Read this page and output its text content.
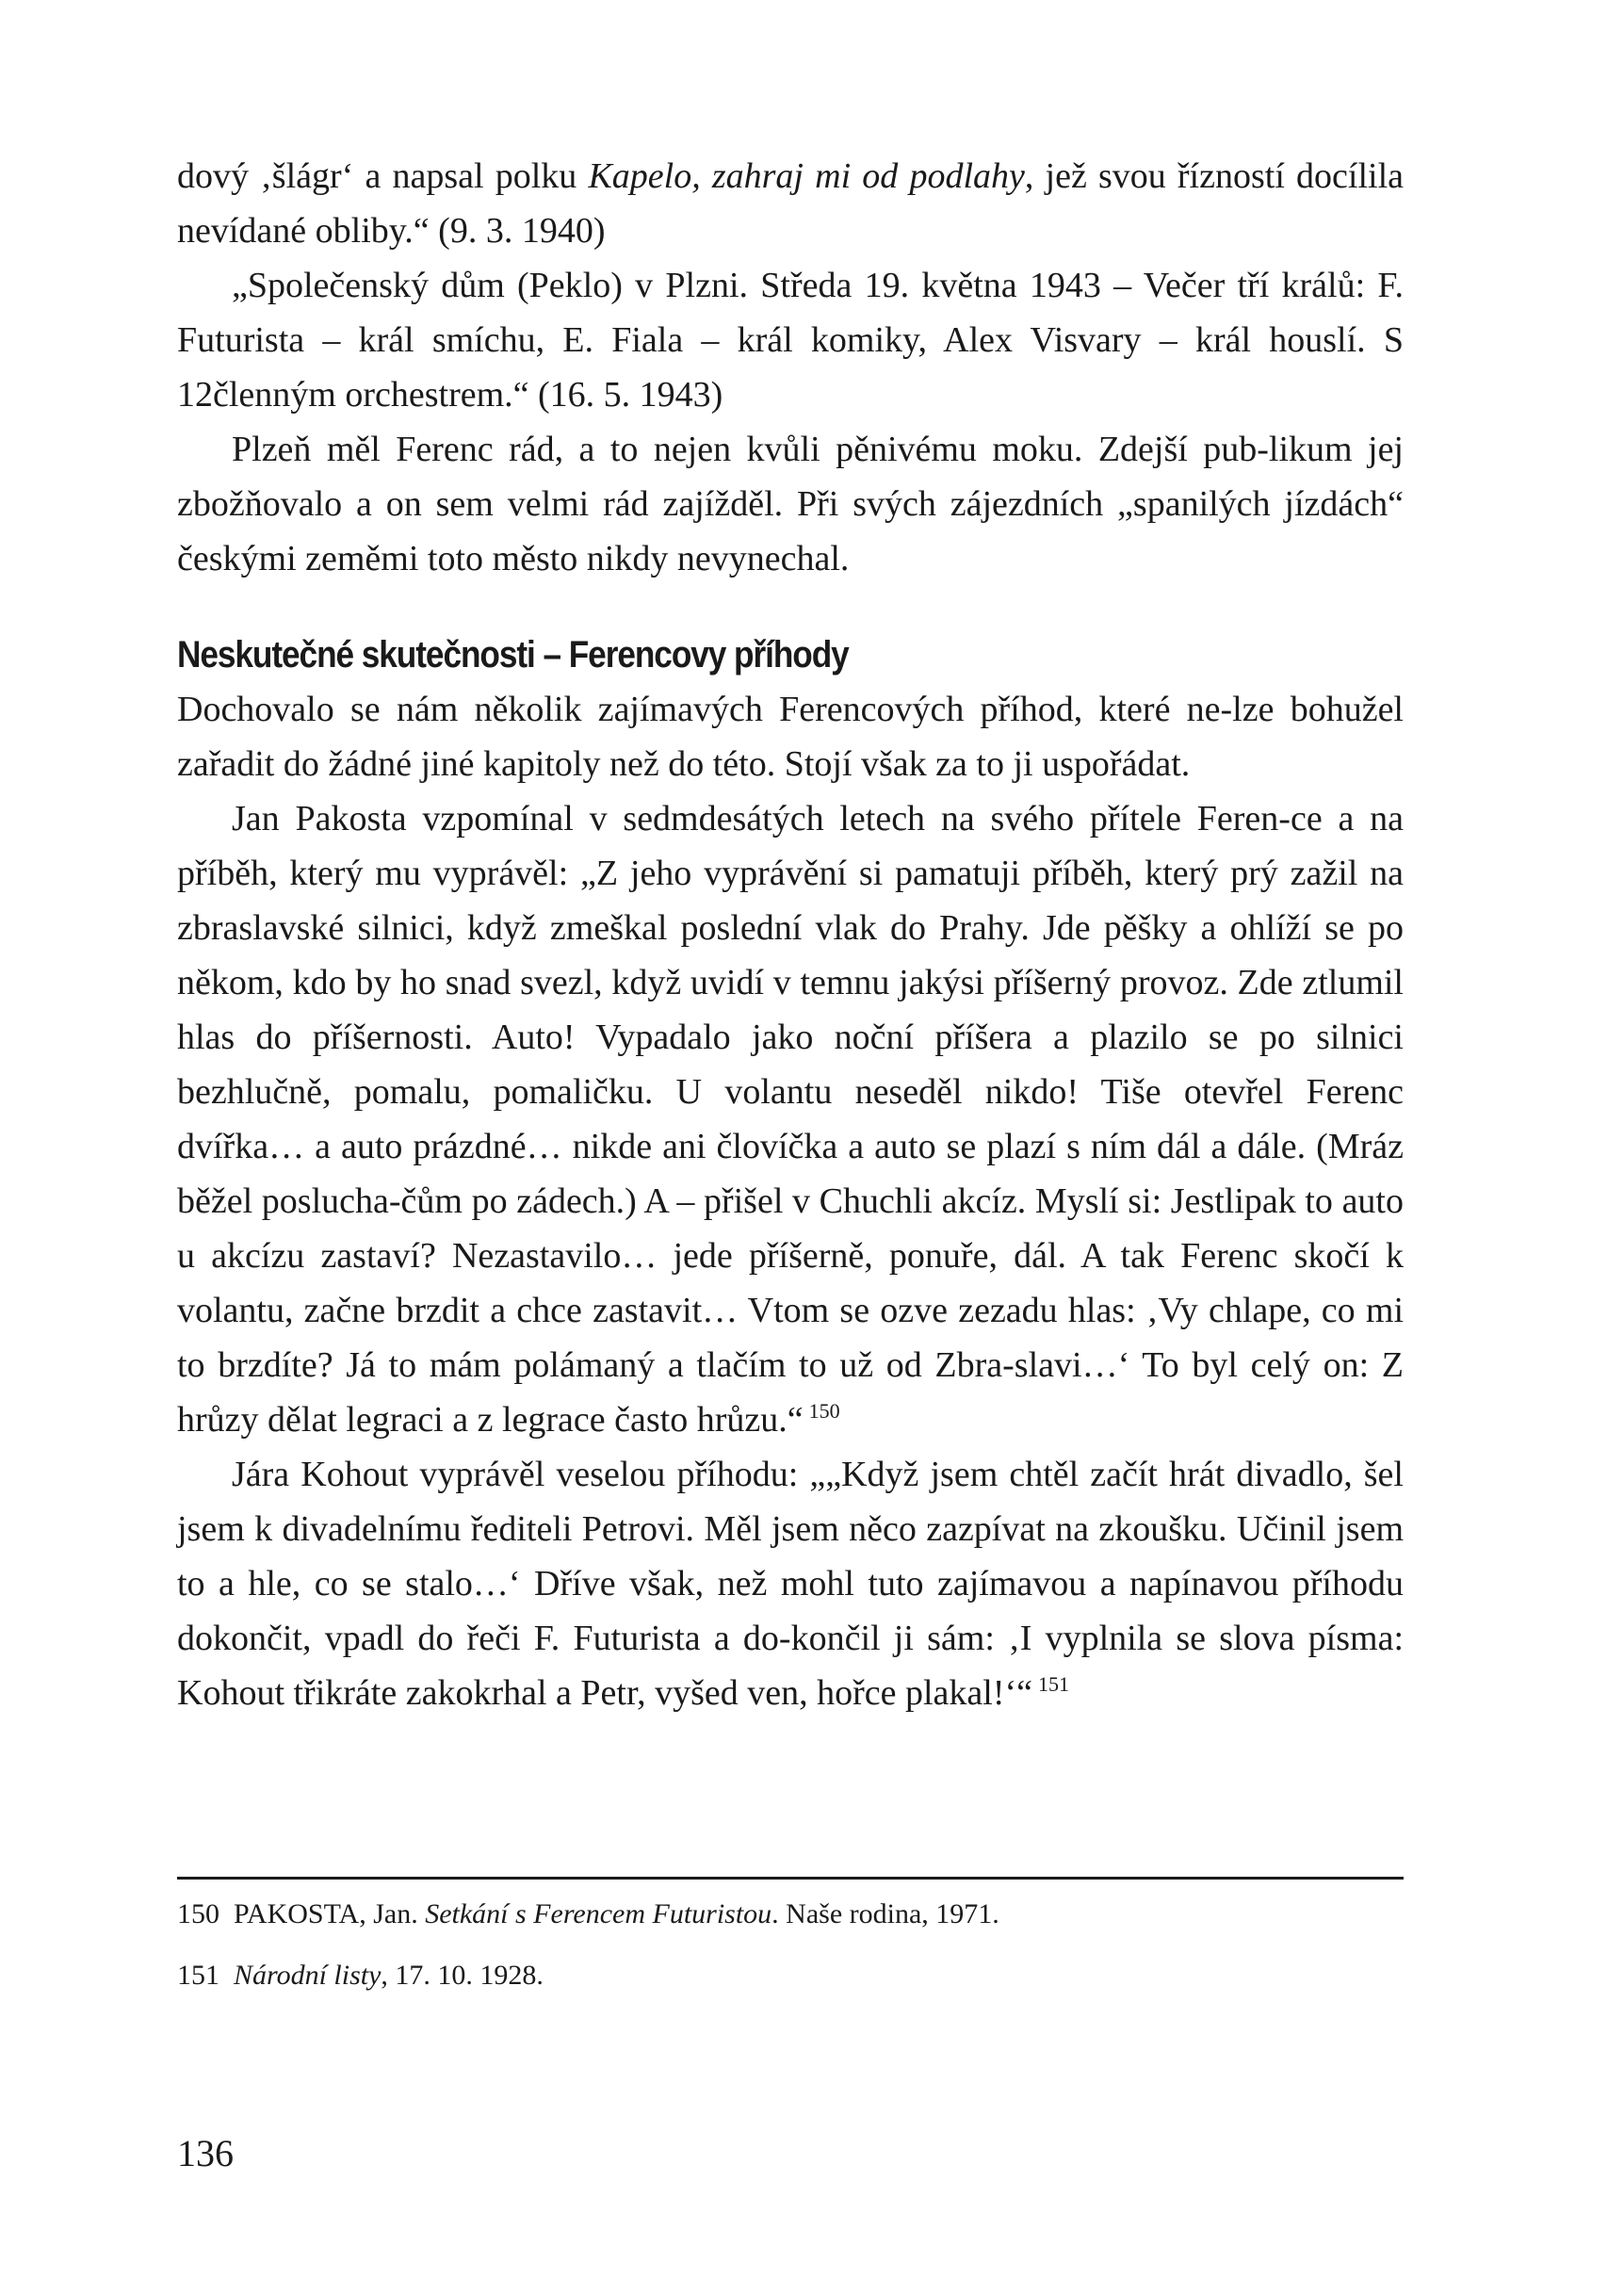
dový ‚šlágr‘ a napsal polku Kapelo, zahraj mi od podlahy, jež svou řízností docílila nevídané obliby.“ (9. 3. 1940)

„Společenský dům (Peklo) v Plzni. Středa 19. května 1943 – Večer tří králů: F. Futurista – král smíchu, E. Fiala – král komiky, Alex Visvary – král houslí. S 12členným orchestrem.“ (16. 5. 1943)

Plzeň měl Ferenc rád, a to nejen kvůli pěnivému moku. Zdejší pub-likum jej zbožňovalo a on sem velmi rád zajížděl. Při svých zájezdních „spanilých jízdách“ českými zeměmi toto město nikdy nevynechal.

Neskutečné skutečnosti – Ferencovy příhody

Dochovalo se nám několik zajímavých Ferencových příhod, které ne-lze bohužel zařadit do žádné jiné kapitoly než do této. Stojí však za to ji uspořádat.

Jan Pakosta vzpomínal v sedmdesátých letech na svého přítele Feren-ce a na příběh, který mu vyprávěl: „Z jeho vyprávění si pamatuji příběh, který prý zažil na zbraslavské silnici, když zmeškal poslední vlak do Prahy. Jde pěšky a ohlíží se po někom, kdo by ho snad svezl, když uvidí v temnu jakýsi příšerný provoz. Zde ztlumil hlas do příšernosti. Auto! Vypadalo jako noční příšera a plazilo se po silnici bezhlučně, pomalu, pomaličku. U volantu neseděl nikdo! Tiše otevřel Ferenc dvířka… a auto prázdné… nikde ani človíčka a auto se plazí s ním dál a dále. (Mráz běžel poslucha-čům po zádech.) A – přišel v Chuchli akcíz. Myslí si: Jestlipak to auto u akcízu zastaví? Nezastavilo… jede příšerně, ponuře, dál. A tak Ferenc skočí k volantu, začne brzdit a chce zastavit… Vtom se ozve zezadu hlas: ‚Vy chlape, co mi to brzdíte? Já to mám polámaný a tlačím to už od Zbra-slavi…‘ To byl celý on: Z hrůzy dělat legraci a z legrace často hrůzu.“ $^{150}$

Jára Kohout vyprávěl veselou příhodu: „„Když jsem chtěl začít hrát divadlo, šel jsem k divadelnímu řediteli Petrovi. Měl jsem něco zazpívat na zkoušku. Učinil jsem to a hle, co se stalo…‘ Dříve však, než mohl tuto zajímavou a napínavou příhodu dokončit, vpadl do řeči F. Futurista a do-končil ji sám: ‚I vyplnila se slova písma: Kohout třikráte zakokrhal a Petr, vyšed ven, hořce plakal!‘“ $^{151}$

150 PAKOSTA, Jan. Setkání s Ferencem Futuristou. Naše rodina, 1971.
151 Národní listy, 17. 10. 1928.
136
